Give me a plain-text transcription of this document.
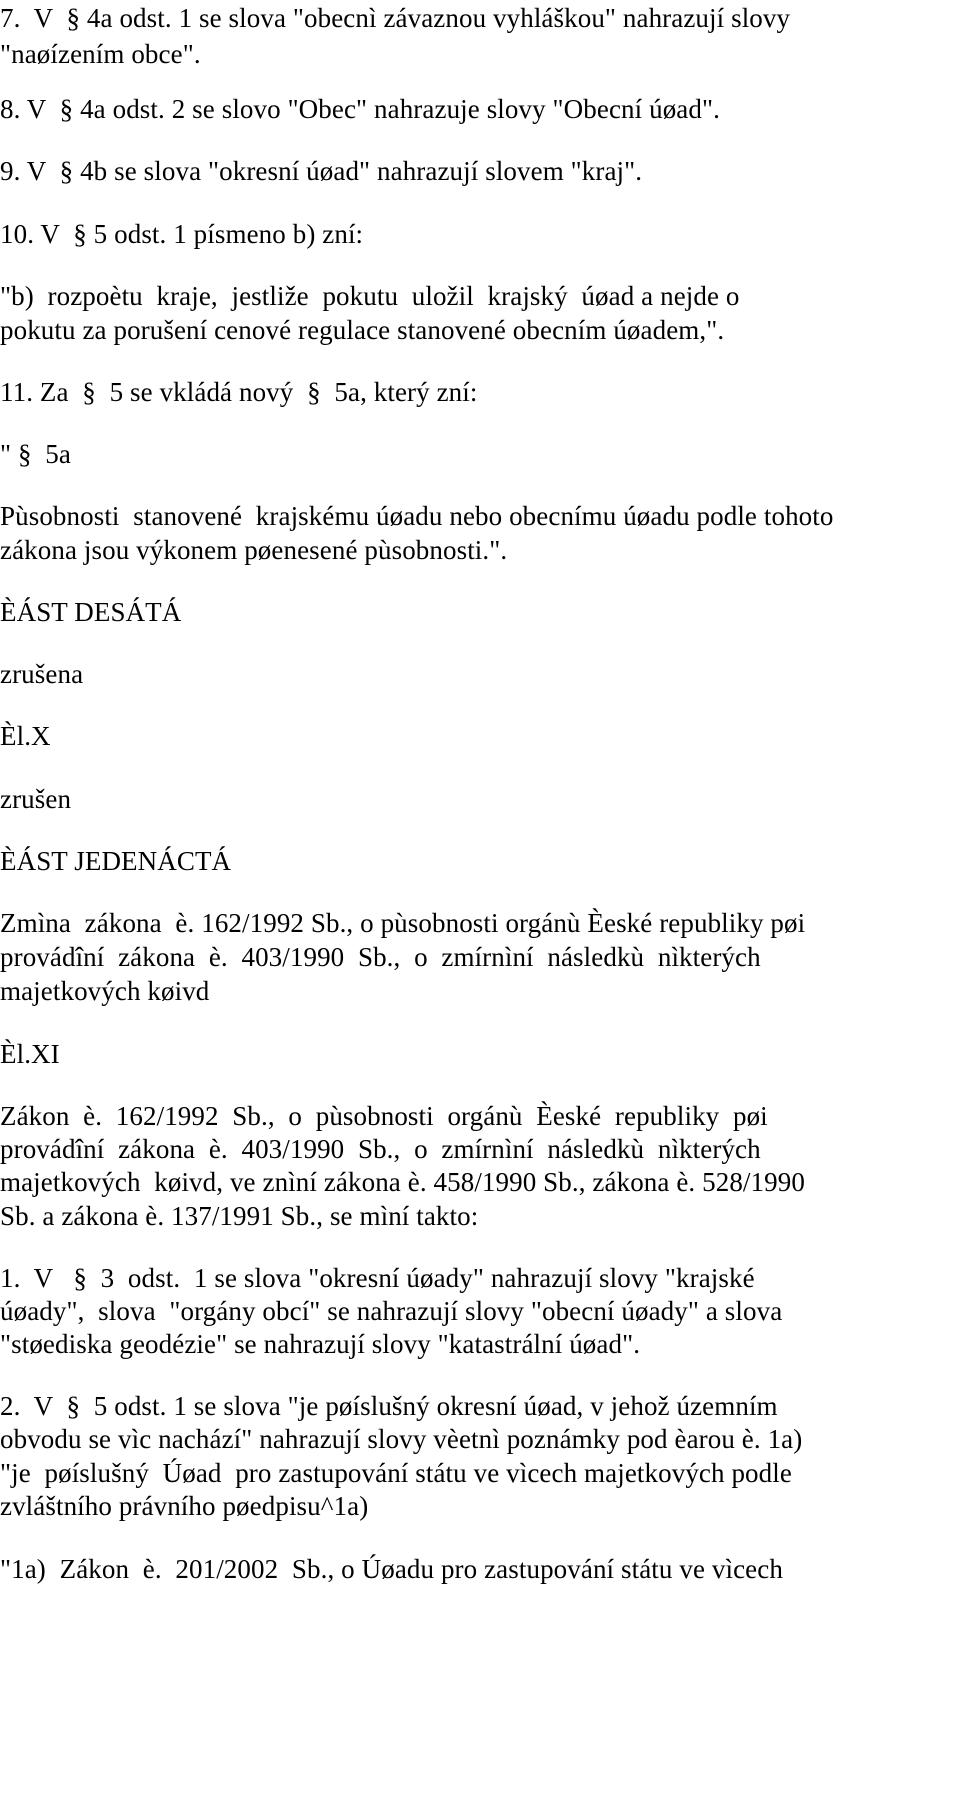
7.  V  § 4a odst. 1 se slova "obecnì závaznou vyhláškou" nahrazují slovy
"naøízením obce".
8. V  § 4a odst. 2 se slovo "Obec" nahrazuje slovy "Obecní úøad".
9. V  § 4b se slova "okresní úøad" nahrazují slovem "kraj".
10. V  § 5 odst. 1 písmeno b) zní:
"b)  rozpoètu  kraje,  jestliže  pokutu  uložil  krajský  úøad a nejde o
pokutu za porušení cenové regulace stanovené obecním úøadem,".
11. Za  §  5 se vkládá nový  §  5a, který zní:
" §  5a
Pùsobnosti  stanovené  krajskému úøadu nebo obecnímu úøadu podle tohoto
zákona jsou výkonem pøenesené pùsobnosti.".
ÈÁST DESÁTÁ
zrušena
Èl.X
zrušen
ÈÁST JEDENÁCTÁ
Zmìna  zákona  è. 162/1992 Sb., o pùsobnosti orgánù Èeské republiky pøi
provádîní  zákona  è.  403/1990  Sb.,  o  zmírnìní  následkù  nìkterých
majetkových køivd
Èl.XI
Zákon  è.  162/1992  Sb.,  o  pùsobnosti  orgánù  Èeské  republiky  pøi
provádîní  zákona  è.  403/1990  Sb.,  o  zmírnìní  následkù  nìkterých
majetkových  køivd, ve znìní zákona è. 458/1990 Sb., zákona è. 528/1990
Sb. a zákona è. 137/1991 Sb., se mìní takto:
1.  V   §  3  odst.  1 se slova "okresní úøady" nahrazují slovy "krajské
úøady",  slova  "orgány obcí" se nahrazují slovy "obecní úøady" a slova
"støediska geodézie" se nahrazují slovy "katastrální úøad".
2.  V  §  5 odst. 1 se slova "je pøíslušný okresní úøad, v jehož územním
obvodu se vìc nachází" nahrazují slovy vèetnì poznámky pod èarou è. 1a)
"je  pøíslušný  Úøad  pro zastupování státu ve vìcech majetkových podle
zvláštního právního pøedpisu^1a)
"1a)  Zákon  è.  201/2002  Sb., o Úøadu pro zastupování státu ve vìcech
